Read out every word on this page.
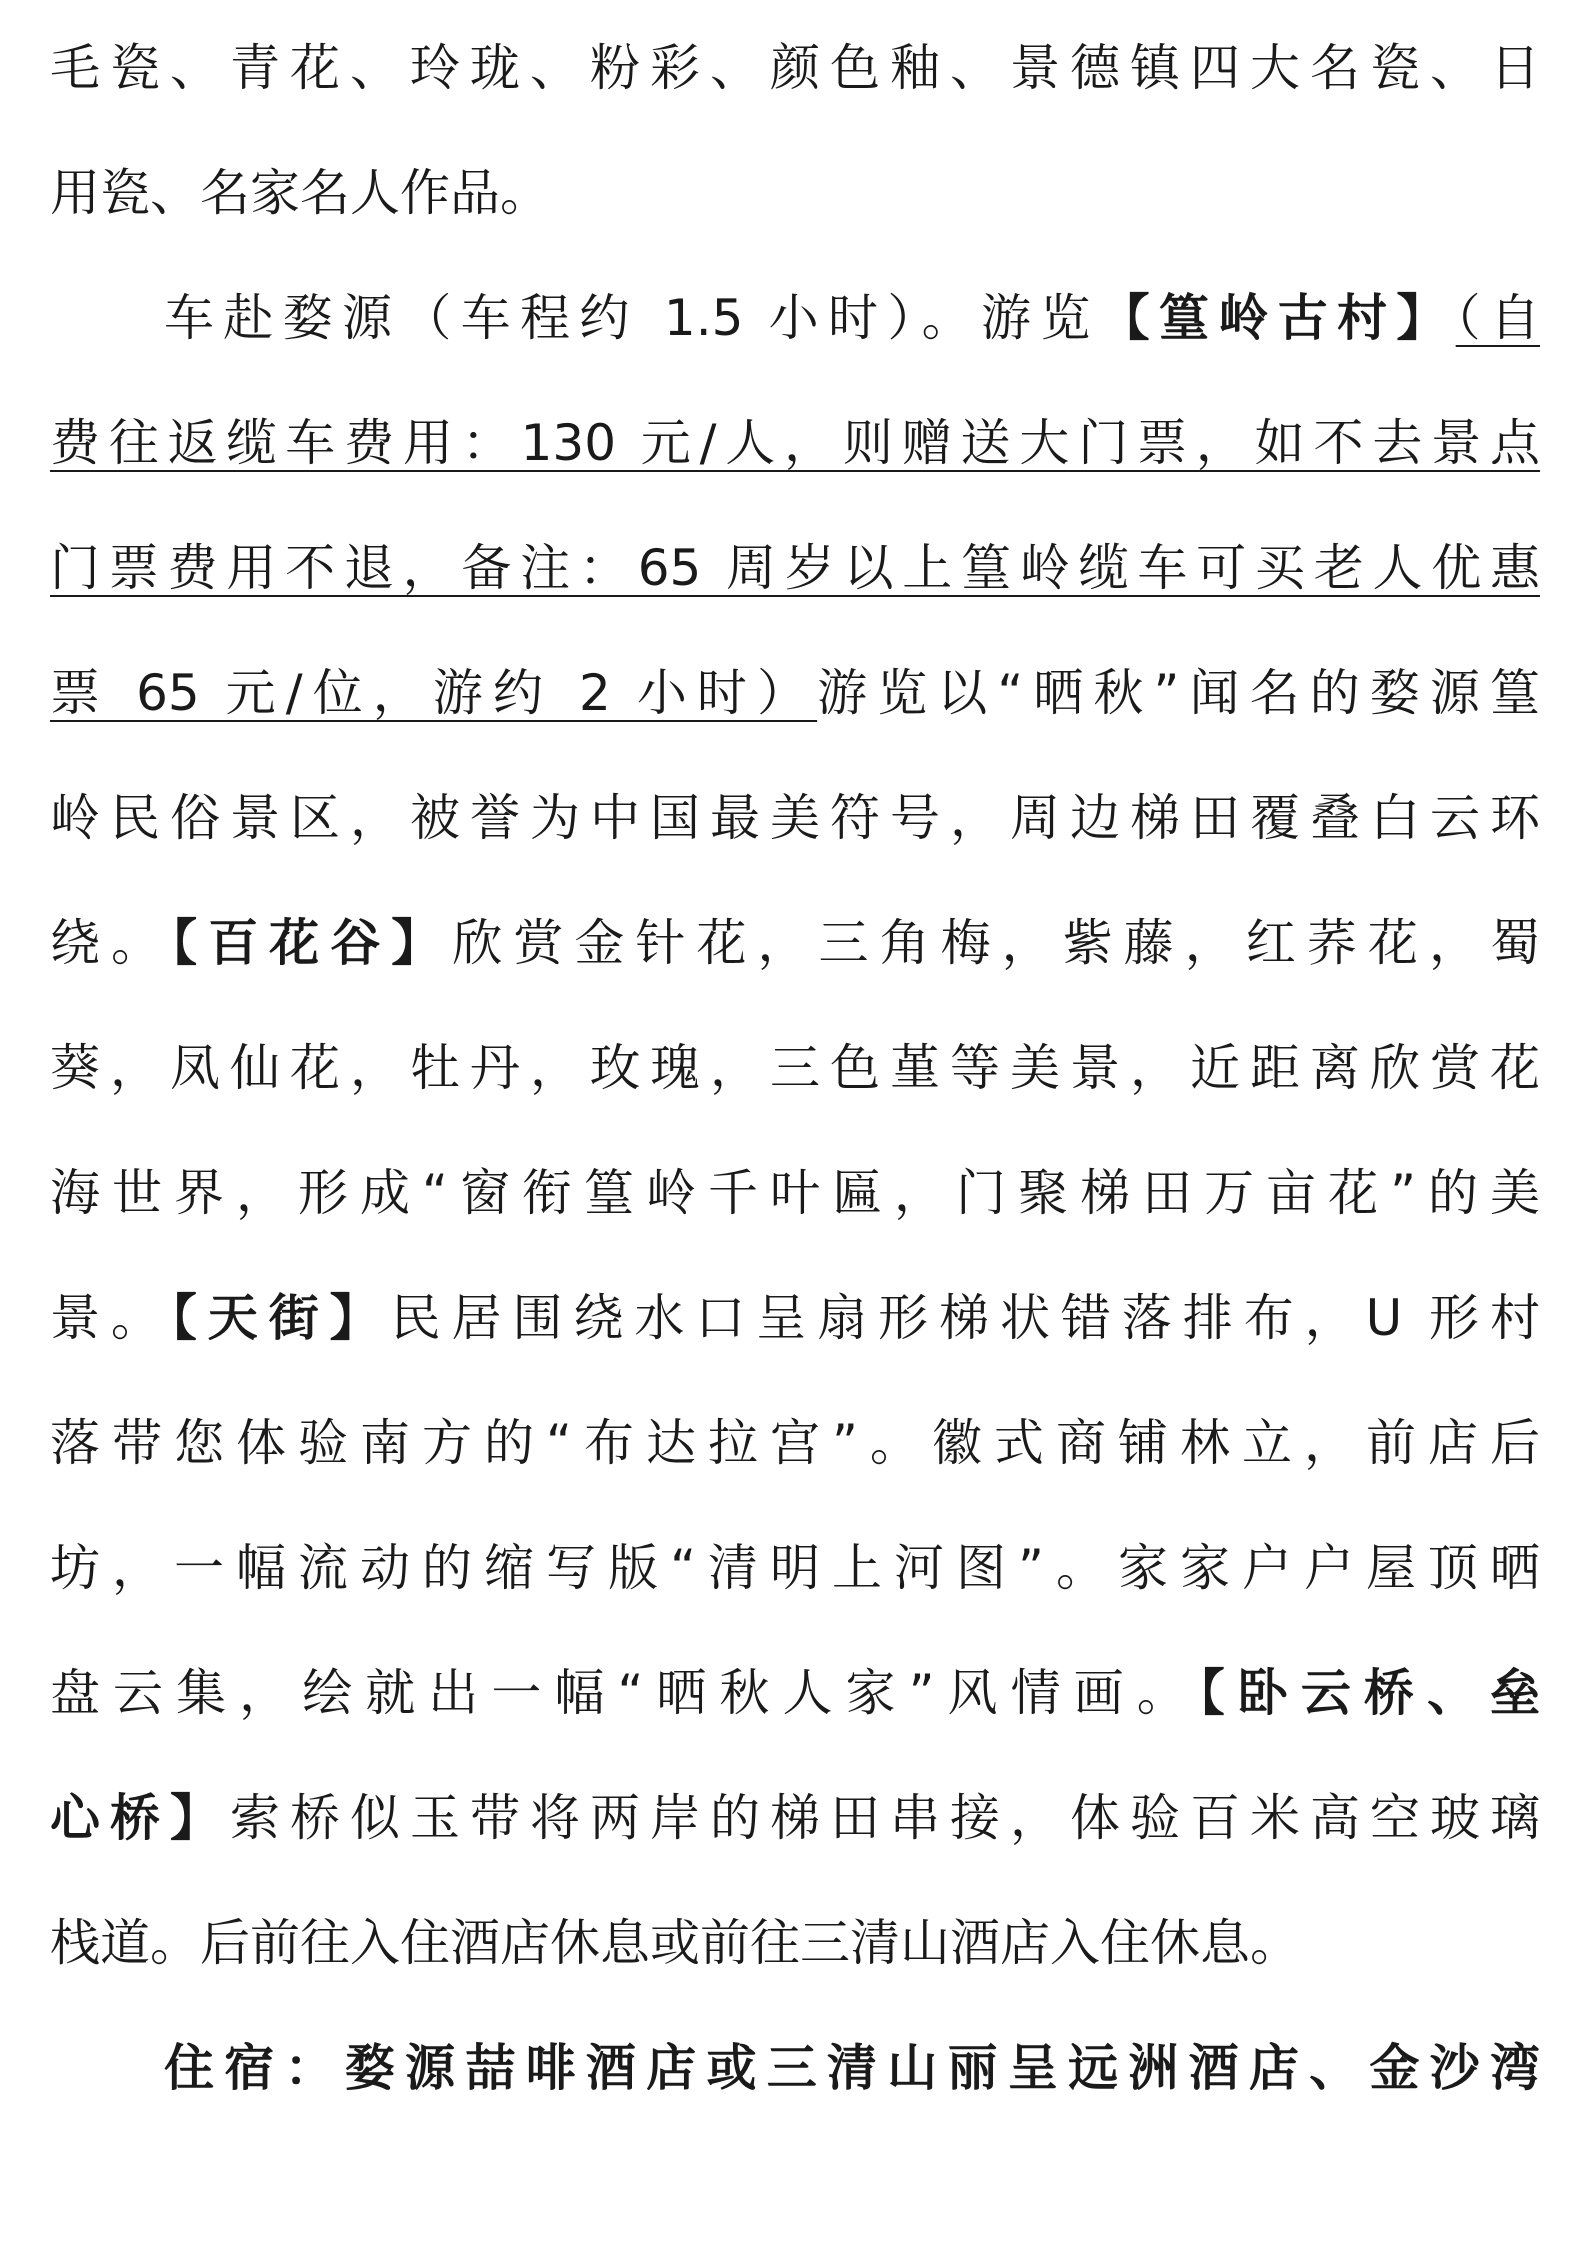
毛瓷、青花、玲珑、粉彩、颜色釉、景德镇四大名瓷、日
用瓷、名家名人作品。
车赴婺源（车程约 1.5 小时）。游览【篁岭古村】（自
费往返缆车费用：130 元/人，则赠送大门票，如不去景点
门票费用不退，备注：65 周岁以上篁岭缆车可买老人优惠
票 65 元/位，游约 2 小时）游览以“晒秋”闻名的婺源篁
岭民俗景区，被誉为中国最美符号，周边梯田覆叠白云环
绕。【百花谷】欣赏金针花，三角梅，紫藤，红荞花，蜀
葵，凤仙花，牡丹，玫瑰，三色堇等美景，近距离欣赏花
海世界，形成“窗衔篁岭千叶匾，门聚梯田万亩花”的美
景。【天街】民居围绕水口呈扇形梯状错落排布，U 形村
落带您体验南方的“布达拉宫”。徽式商铺林立，前店后
坊，一幅流动的缩写版“清明上河图”。家家户户屋顶晒
盘云集，绘就出一幅“晒秋人家”风情画。【卧云桥、垒
心桥】索桥似玉带将两岸的梯田串接，体验百米高空玻璃
栈道。后前往入住酒店休息或前往三清山酒店入住休息。
住宿：婺源喆啡酒店或三清山丽呈远洲酒店、金沙湾
